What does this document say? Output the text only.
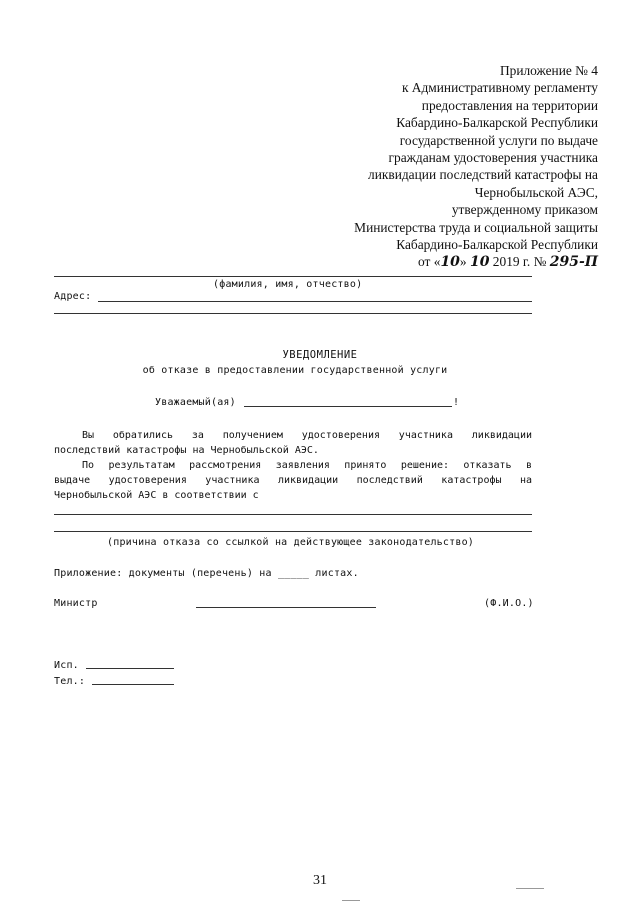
Приложение № 4
к Административному регламенту
предоставления на территории
Кабардино-Балкарской Республики
государственной услуги по выдаче
гражданам удостоверения участника
ликвидации последствий катастрофы на
Чернобыльской АЭС,
утвержденному приказом
Министерства труда и социальной защиты
Кабардино-Балкарской Республики
от «10» 10 2019 г. № 295-П
(фамилия, имя, отчество)
Адрес:
УВЕДОМЛЕНИЕ
об отказе в предоставлении государственной услуги
Уважаемый(ая)	!

Вы обратились за получением удостоверения участника ликвидации

последствий катастрофы на Чернобыльской АЭС.

По результатам рассмотрения заявления принято решение: отказать в

выдаче удостоверения участника ликвидации последствий катастрофы на

Чернобыльской АЭС в соответствии с

(причина отказа со ссылкой на действующее законодательство)
Приложение: документы (перечень) на _____ листах.
Министр	(Ф.И.О.)
Исп.
Тел.:
31
